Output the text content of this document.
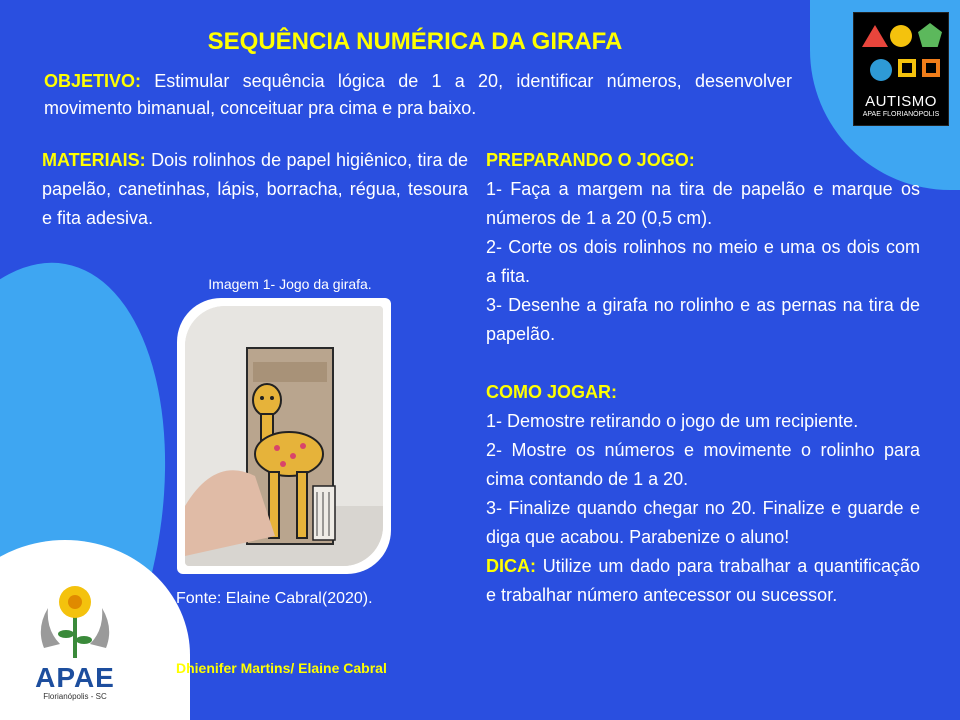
SEQUÊNCIA NUMÉRICA DA GIRAFA
OBJETIVO: Estimular sequência lógica de 1 a 20, identificar números, desenvolver movimento bimanual, conceituar pra cima e pra baixo.
MATERIAIS: Dois rolinhos de papel higiênico, tira de papelão, canetinhas, lápis, borracha, régua, tesoura e fita adesiva.

PREPARANDO O JOGO:

1- Faça a margem na tira de papelão e marque os números de 1 a 20 (0,5 cm).

2- Corte os dois rolinhos no meio e uma os dois com a fita.

3- Desenhe a girafa no rolinho e as pernas na tira de papelão.

COMO JOGAR:

1- Demostre retirando o jogo de um recipiente.

2- Mostre os números e movimente o rolinho para cima contando de 1 a 20.

3- Finalize quando chegar no 20. Finalize e guarde e diga que acabou. Parabenize o aluno!

DICA: Utilize um dado para trabalhar a quantificação e trabalhar número antecessor ou sucessor.

AUTISMO
APAE FLORIANÓPOLIS
Imagem 1- Jogo da girafa.
Fonte: Elaine Cabral(2020).
Dhienifer Martins/ Elaine Cabral
APAE
Florianópolis - SC
